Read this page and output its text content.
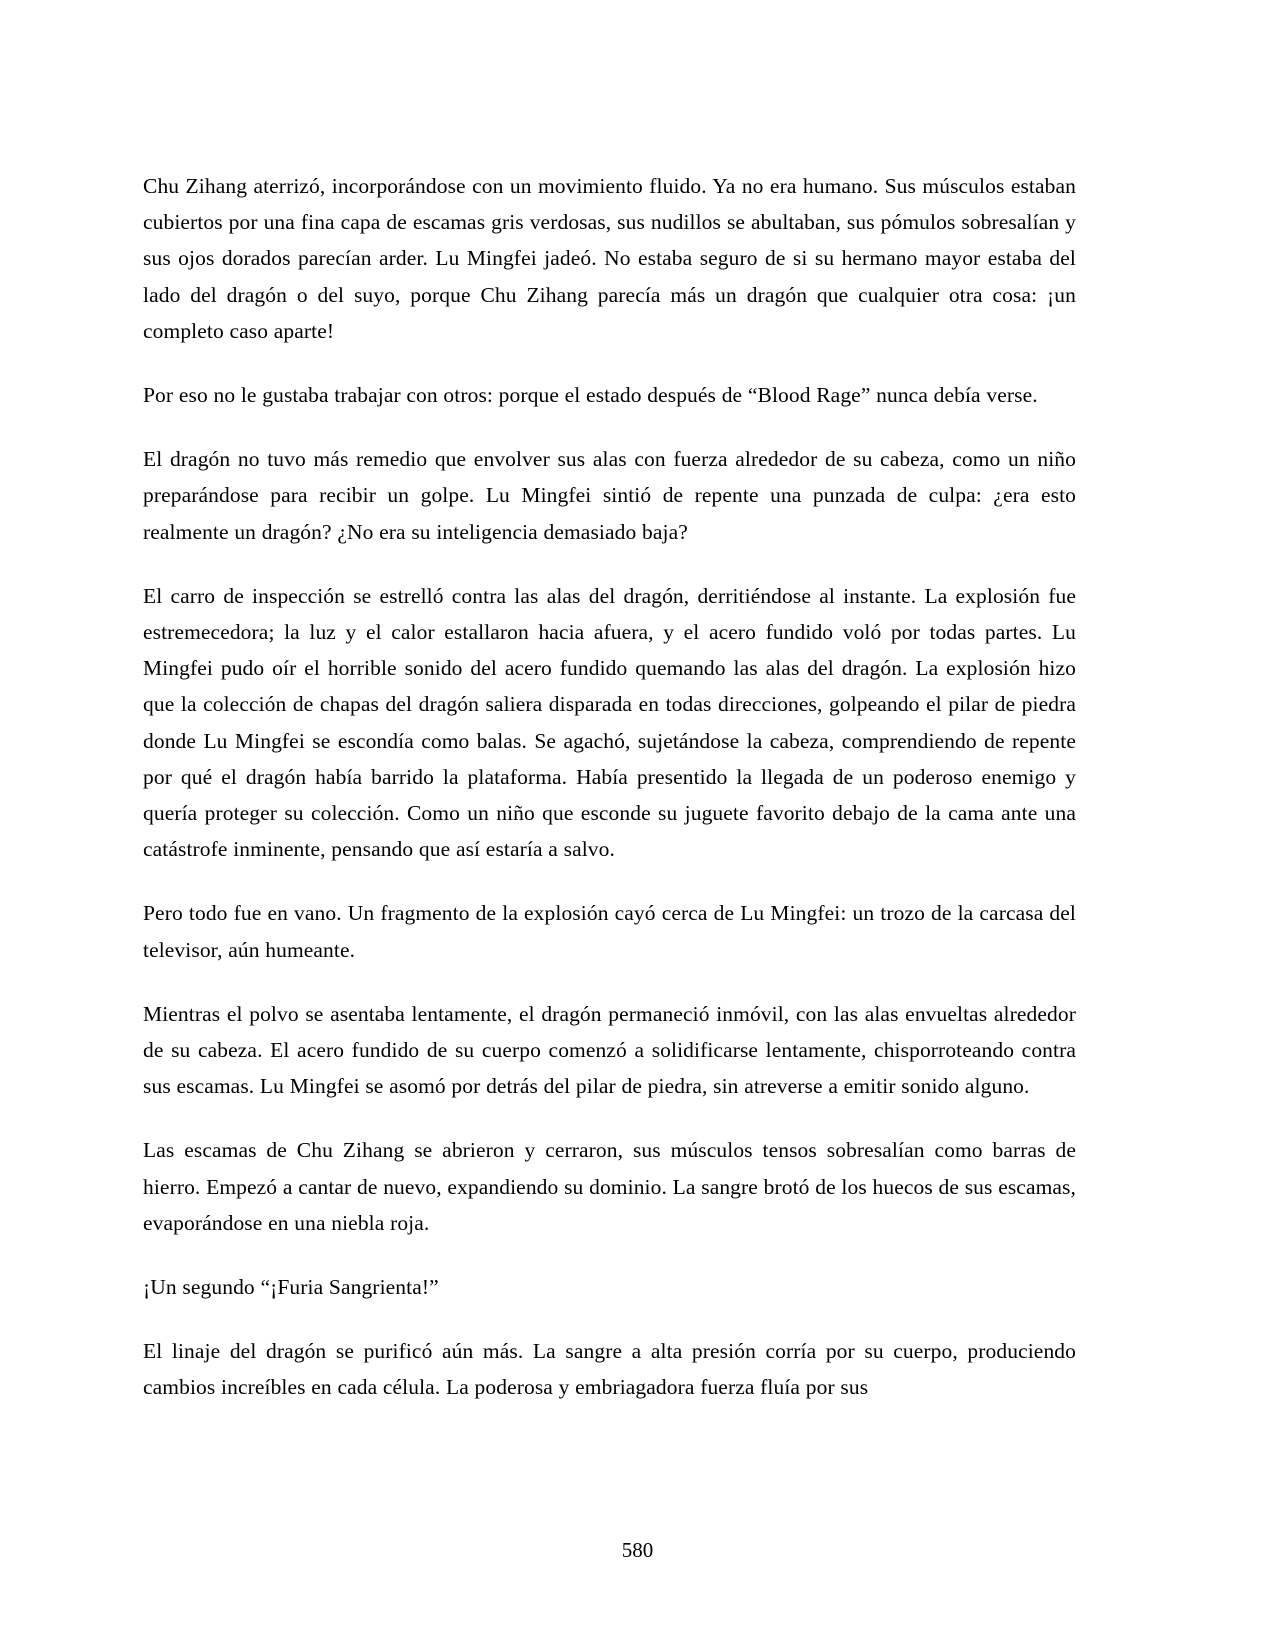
Chu Zihang aterrizó, incorporándose con un movimiento fluido. Ya no era humano. Sus músculos estaban cubiertos por una fina capa de escamas gris verdosas, sus nudillos se abultaban, sus pómulos sobresalían y sus ojos dorados parecían arder. Lu Mingfei jadeó. No estaba seguro de si su hermano mayor estaba del lado del dragón o del suyo, porque Chu Zihang parecía más un dragón que cualquier otra cosa: ¡un completo caso aparte!

Por eso no le gustaba trabajar con otros: porque el estado después de “Blood Rage” nunca debía verse.

El dragón no tuvo más remedio que envolver sus alas con fuerza alrededor de su cabeza, como un niño preparándose para recibir un golpe. Lu Mingfei sintió de repente una punzada de culpa: ¿era esto realmente un dragón? ¿No era su inteligencia demasiado baja?

El carro de inspección se estrelló contra las alas del dragón, derritiéndose al instante. La explosión fue estremecedora; la luz y el calor estallaron hacia afuera, y el acero fundido voló por todas partes. Lu Mingfei pudo oír el horrible sonido del acero fundido quemando las alas del dragón. La explosión hizo que la colección de chapas del dragón saliera disparada en todas direcciones, golpeando el pilar de piedra donde Lu Mingfei se escondía como balas. Se agachó, sujetándose la cabeza, comprendiendo de repente por qué el dragón había barrido la plataforma. Había presentido la llegada de un poderoso enemigo y quería proteger su colección. Como un niño que esconde su juguete favorito debajo de la cama ante una catástrofe inminente, pensando que así estaría a salvo.

Pero todo fue en vano. Un fragmento de la explosión cayó cerca de Lu Mingfei: un trozo de la carcasa del televisor, aún humeante.

Mientras el polvo se asentaba lentamente, el dragón permaneció inmóvil, con las alas envueltas alrededor de su cabeza. El acero fundido de su cuerpo comenzó a solidificarse lentamente, chisporroteando contra sus escamas. Lu Mingfei se asomó por detrás del pilar de piedra, sin atreverse a emitir sonido alguno.

Las escamas de Chu Zihang se abrieron y cerraron, sus músculos tensos sobresalían como barras de hierro. Empezó a cantar de nuevo, expandiendo su dominio. La sangre brotó de los huecos de sus escamas, evaporándose en una niebla roja.

¡Un segundo “¡Furia Sangrienta!”

El linaje del dragón se purificó aún más. La sangre a alta presión corría por su cuerpo, produciendo cambios increíbles en cada célula. La poderosa y embriagadora fuerza fluía por sus

580
